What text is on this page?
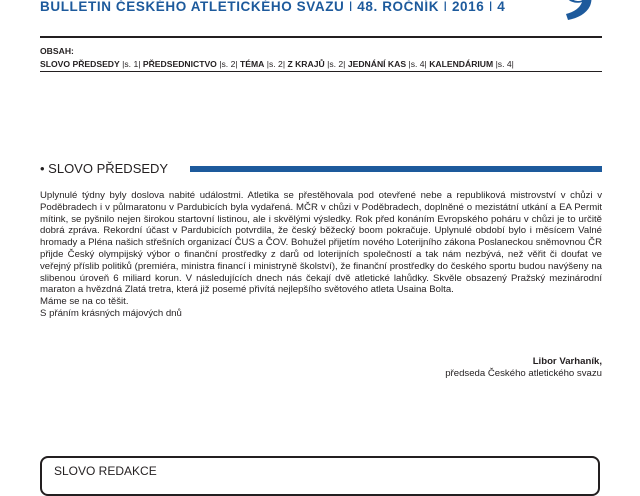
BULLETIN ČESKÉHO ATLETICKÉHO SVAZU I 48. ROČNÍK I 2016 I 4
OBSAH:
SLOVO PŘEDSEDY |s. 1| PŘEDSEDNICTVO |s. 2| TÉMA |s. 2| Z KRAJŮ |s. 2| JEDNÁNÍ KAS |s. 4| KALENDÁRIUM |s. 4|
• SLOVO PŘEDSEDY

Uplynulé týdny byly doslova nabité událostmi. Atletika se přestěhovala pod otevřené nebe a republiková mistrovství v chůzi v Poděbradech i v půlmaratonu v Pardubicích byla vydařená. MČR v chůzi v Poděbradech, doplněné o mezistátní utkání a EA Permit mítink, se pyšnilo nejen širokou startovní listinou, ale i skvělými výsledky. Rok před konáním Evropského poháru v chůzi je to určitě dobrá zpráva. Rekordní účast v Pardubicích potvrdila, že český běžecký boom pokračuje. Uplynulé období bylo i měsícem Valné hromady a Pléna našich střešních organizací ČUS a ČOV. Bohužel přijetím nového Loterijního zákona Poslaneckou sněmovnou ČR přijde Český olympijský výbor o finanční prostředky z darů od loterijních společností a tak nám nezbývá, než věřit či doufat ve veřejný příslib politiků (premiéra, ministra financí i ministryně školství), že finanční prostředky do českého sportu budou navýšeny na slibenou úroveň 6 miliard korun. V následujících dnech nás čekají dvě atletické lahůdky. Skvěle obsazený Pražský mezinárodní maraton a hvězdná Zlatá tretra, která již posemé přivítá nejlepšího světového atleta Usaina Bolta.

Máme se na co těšit.

S přáním krásných májových dnů

Libor Varhaník,
předseda Českého atletického svazu
SLOVO REDAKCE
